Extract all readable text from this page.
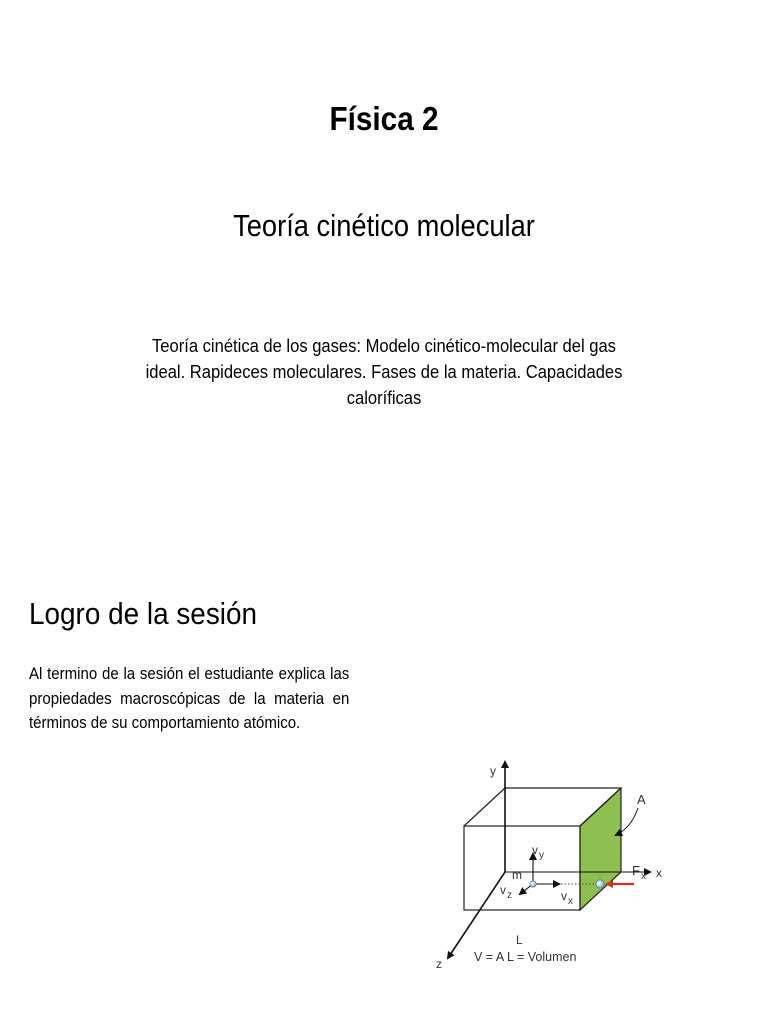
Física 2
Teoría cinético molecular
Teoría cinética de los gases: Modelo cinético-molecular del gas ideal. Rapideces moleculares. Fases de la materia. Capacidades caloríficas
Logro de la sesión
Al termino de la sesión el estudiante explica las propiedades macroscópicas de la materia en términos de su comportamiento atómico.
y
x
z
A
m
$v_y$
$v_x$
$v_z$
$F_x$
L
V = A L = Volumen
